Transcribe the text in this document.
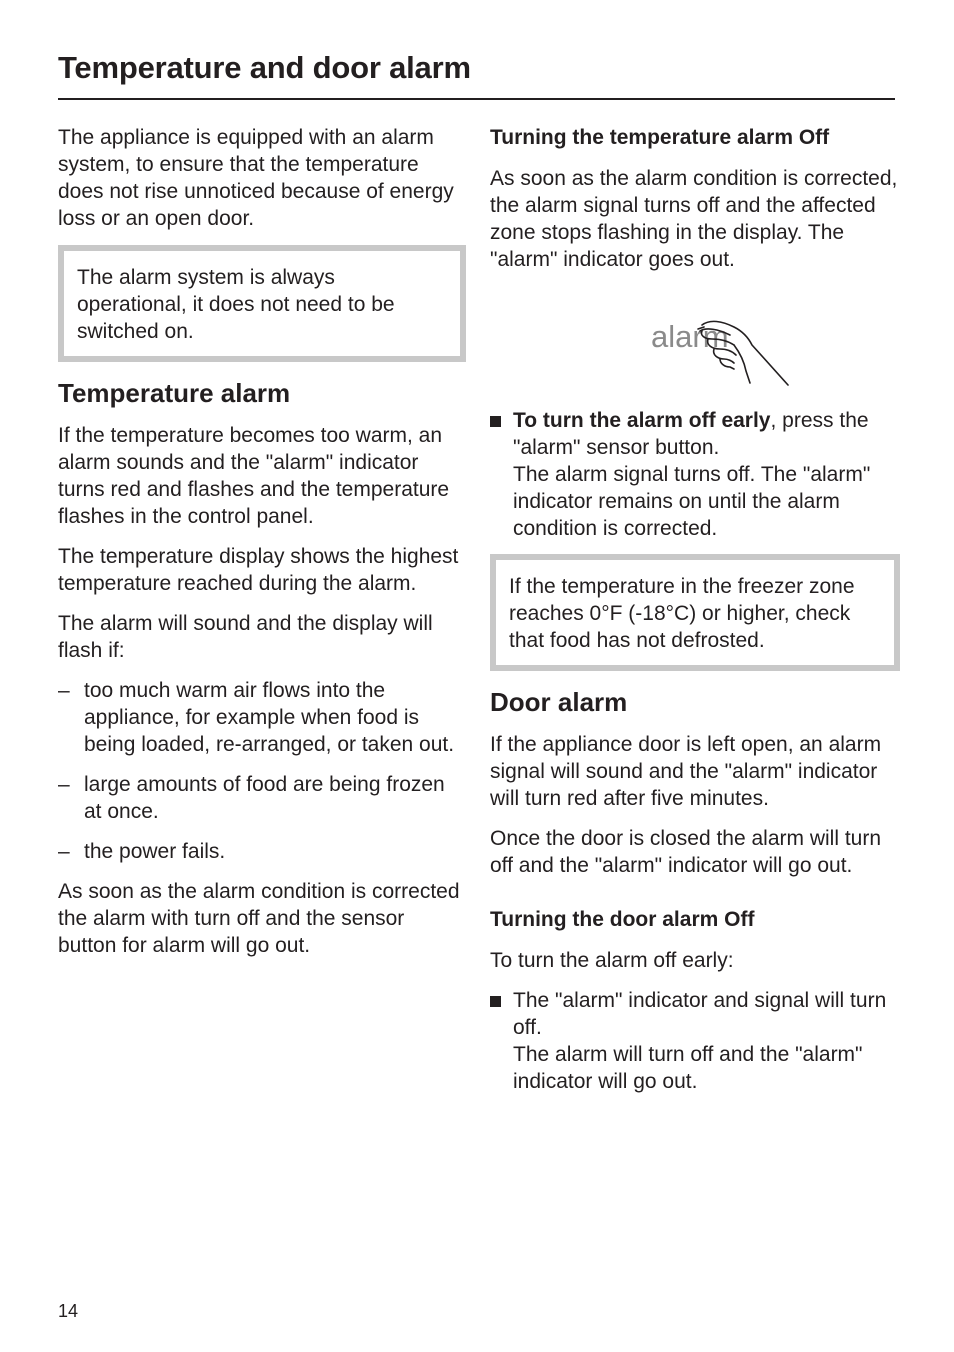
Temperature and door alarm

The appliance is equipped with an alarm system, to ensure that the temperature does not rise unnoticed because of energy loss or an open door.

The alarm system is always operational, it does not need to be switched on.

Temperature alarm

If the temperature becomes too warm, an alarm sounds and the "alarm" indicator turns red and flashes and the temperature flashes in the control panel.

The temperature display shows the highest temperature reached during the alarm.

The alarm will sound and the display will flash if:

– too much warm air flows into the appliance, for example when food is being loaded, re-arranged, or taken out.
– large amounts of food are being frozen at once.
– the power fails.

As soon as the alarm condition is corrected the alarm with turn off and the sensor button for alarm will go out.

Turning the temperature alarm Off

As soon as the alarm condition is corrected, the alarm signal turns off and the affected zone stops flashing in the display. The "alarm" indicator goes out.

alarm
To turn the alarm off early, press the "alarm" sensor button.
The alarm signal turns off. The "alarm" indicator remains on until the alarm condition is corrected.

If the temperature in the freezer zone reaches 0°F (-18°C) or higher, check that food has not defrosted.

Door alarm

If the appliance door is left open, an alarm signal will sound and the "alarm" indicator will turn red after five minutes.

Once the door is closed the alarm will turn off and the "alarm" indicator will go out.

Turning the door alarm Off

To turn the alarm off early:

The "alarm" indicator and signal will turn off.
The alarm will turn off and the "alarm" indicator will go out.
14
